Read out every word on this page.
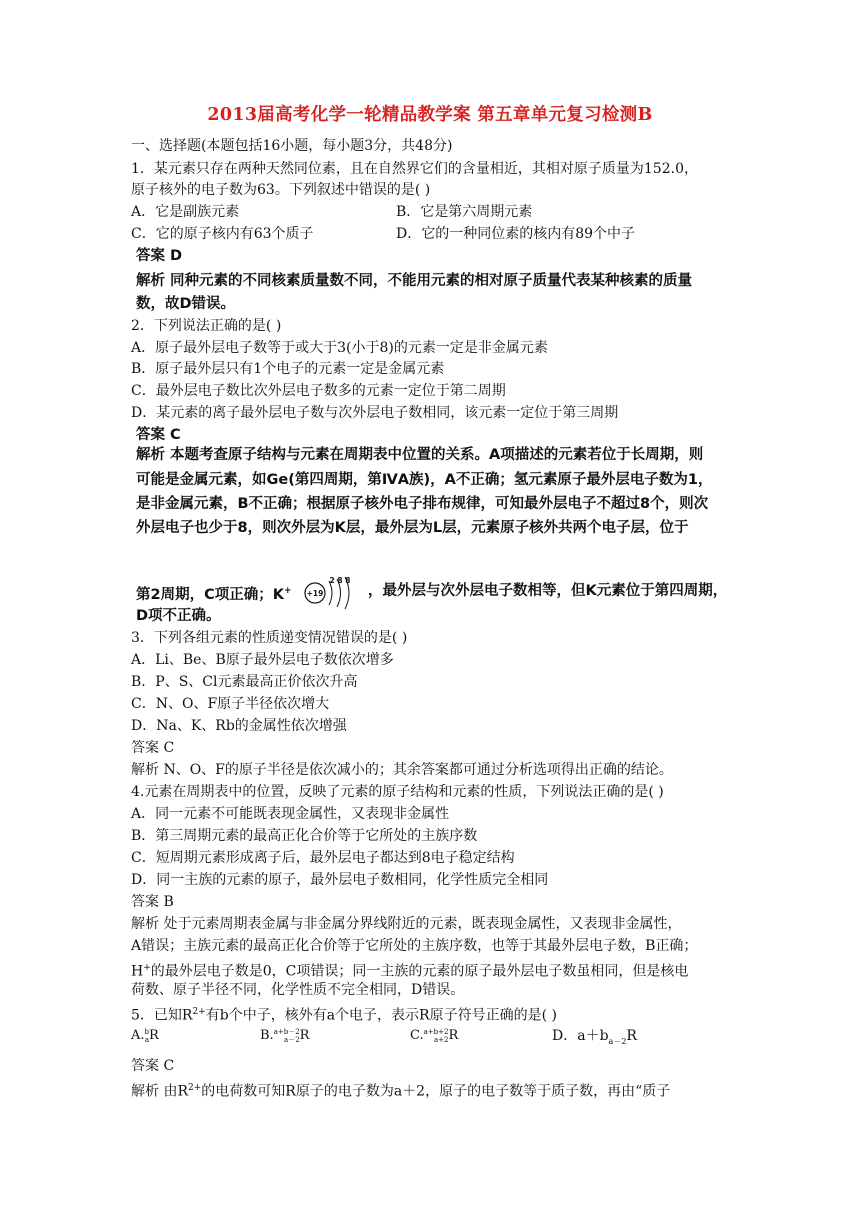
2013届高考化学一轮精品教学案 第五章单元复习检测B
一、选择题(本题包括16小题，每小题3分，共48分)
1．某元素只存在两种天然同位素，且在自然界它们的含量相近，其相对原子质量为152.0，
原子核外的电子数为63。下列叙述中错误的是( )
A．它是副族元素	B．它是第六周期元素
C．它的原子核内有63个质子	D．它的一种同位素的核内有89个中子
答案 D
解析 同种元素的不同核素质量数不同，不能用元素的相对原子质量代表某种核素的质量
数，故D错误。
2．下列说法正确的是( )
A．原子最外层电子数等于或大于3(小于8)的元素一定是非金属元素
B．原子最外层只有1个电子的元素一定是金属元素
C．最外层电子数比次外层电子数多的元素一定位于第二周期
D．某元素的离子最外层电子数与次外层电子数相同，该元素一定位于第三周期
答案 C
解析 本题考查原子结构与元素在周期表中位置的关系。A项描述的元素若位于长周期，则
可能是金属元素，如Ge(第四周期，第ⅣA族)，A不正确；氢元素原子最外层电子数为1，
是非金属元素，B不正确；根据原子核外电子排布规律，可知最外层电子不超过8个，则次
外层电子也少于8，则次外层为K层，最外层为L层，元素原子核外共两个电子层，位于
第2周期，C项正确；K+ +19
2 8 8
，最外层与次外层电子数相等，但K元素位于第四周期，
D项不正确。
3．下列各组元素的性质递变情况错误的是( )
A．Li、Be、B原子最外层电子数依次增多
B．P、S、Cl元素最高正价依次升高
C．N、O、F原子半径依次增大
D．Na、K、Rb的金属性依次增强
答案 C
解析 N、O、F的原子半径是依次减小的；其余答案都可通过分析选项得出正确的结论。
4.元素在周期表中的位置，反映了元素的原子结构和元素的性质，下列说法正确的是( )
A．同一元素不可能既表现金属性，又表现非金属性
B．第三周期元素的最高正化合价等于它所处的主族序数
C．短周期元素形成离子后，最外层电子都达到8电子稳定结构
D．同一主族的元素的原子，最外层电子数相同，化学性质完全相同
答案 B
解析 处于元素周期表金属与非金属分界线附近的元素，既表现金属性，又表现非金属性，
A错误；主族元素的最高正化合价等于它所处的主族序数，也等于其最外层电子数，B正确；
H+的最外层电子数是0，C项错误；同一主族的元素的原子最外层电子数虽相同，但是核电
荷数、原子半径不同，化学性质不完全相同，D错误。
5．已知$R^{2+}$有b个中子，核外有a个电子，表示R原子符号正确的是( )
A. b
a R	B. a+b－2
a－2 R	C. a+b+2
a+2 R	D．$a+b_{a-2}R$
答案 C
解析 由$R^{2+}$的电荷数可知R原子的电子数为a＋2，原子的电子数等于质子数，再由“质子
